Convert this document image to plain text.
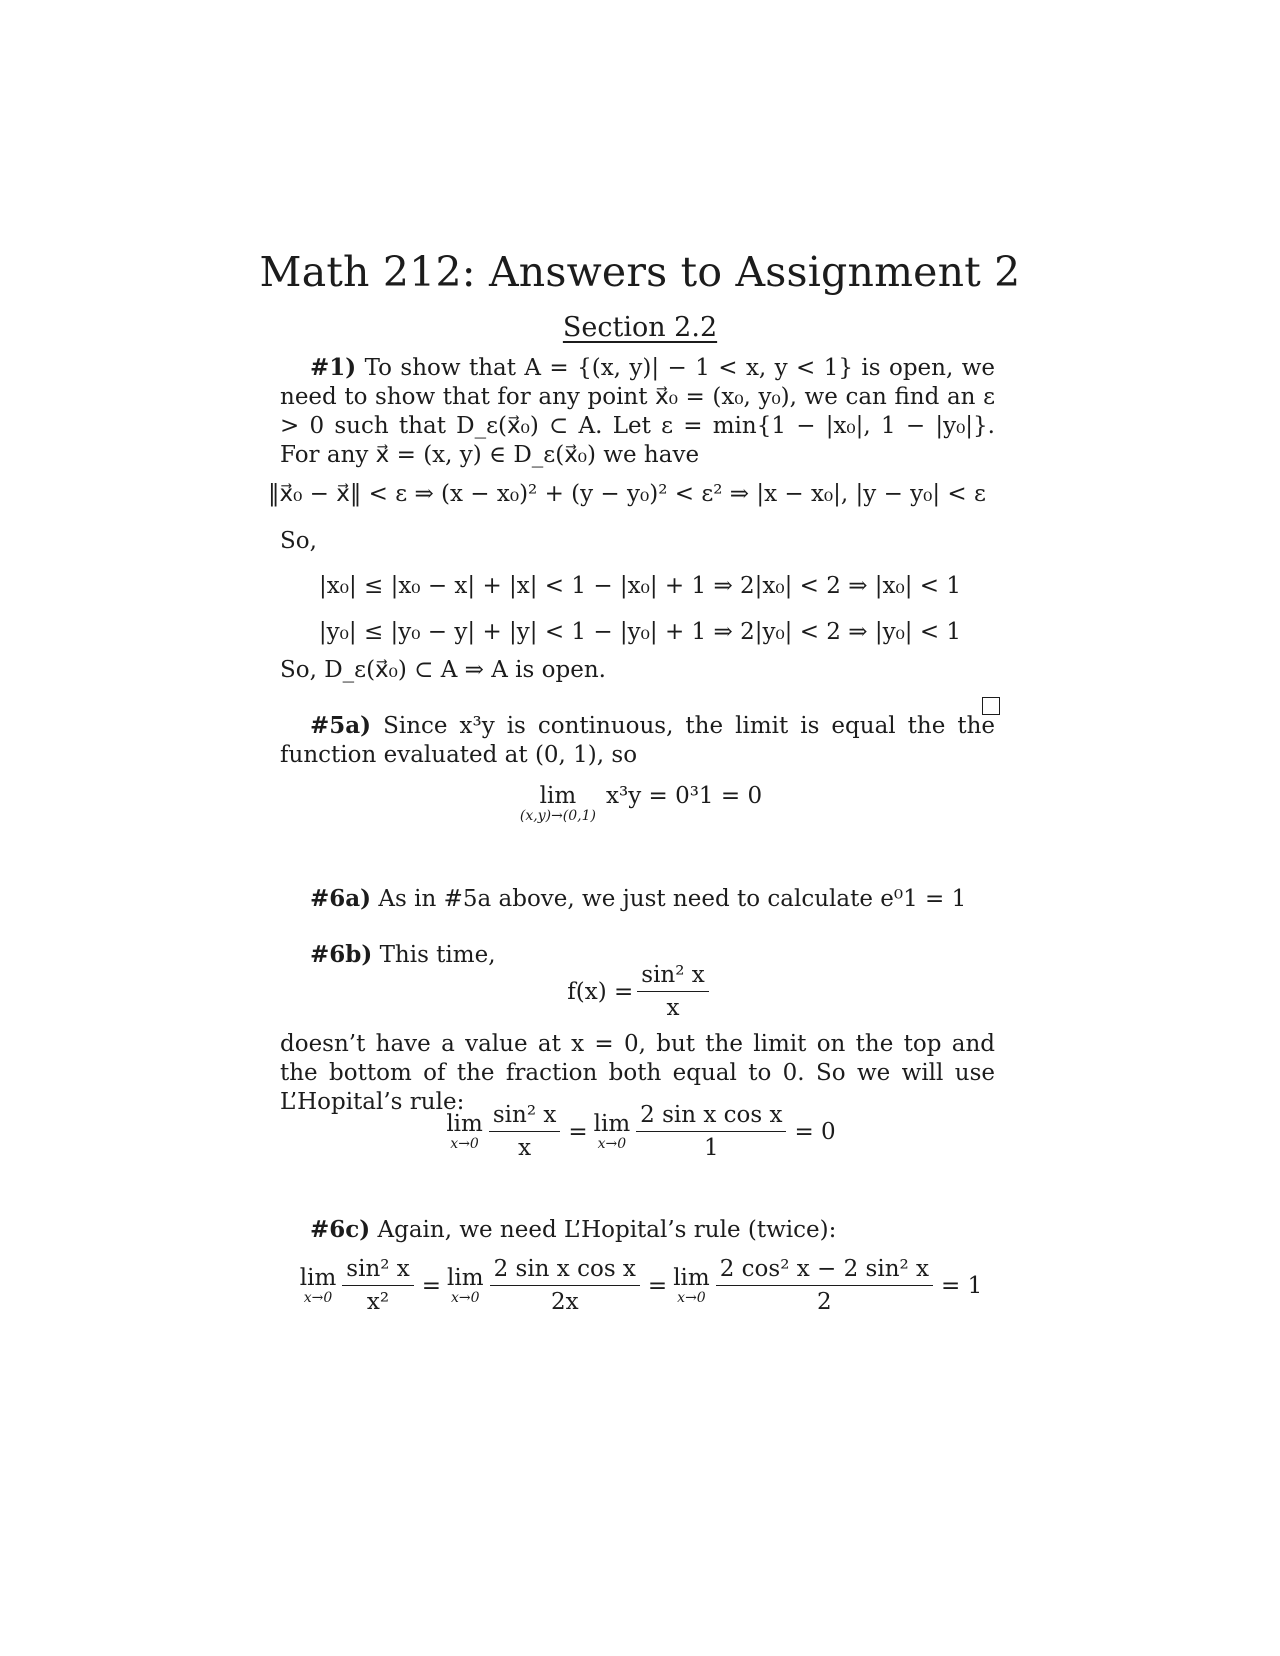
Math 212: Answers to Assignment 2
Section 2.2
#1) To show that A = {(x, y)| − 1 < x, y < 1} is open, we need to show that for any point x⃗₀ = (x₀, y₀), we can find an ε > 0 such that D_ε(x⃗₀) ⊂ A. Let ε = min{1 − |x₀|, 1 − |y₀|}. For any x⃗ = (x, y) ∈ D_ε(x⃗₀) we have
‖x⃗₀ − x⃗‖ < ε ⇒ (x − x₀)² + (y − y₀)² < ε² ⇒ |x − x₀|, |y − y₀| < ε
So,
|x₀| ≤ |x₀ − x| + |x| < 1 − |x₀| + 1 ⇒ 2|x₀| < 2 ⇒ |x₀| < 1
|y₀| ≤ |y₀ − y| + |y| < 1 − |y₀| + 1 ⇒ 2|y₀| < 2 ⇒ |y₀| < 1
So, D_ε(x⃗₀) ⊂ A ⇒ A is open.
#5a) Since x³y is continuous, the limit is equal the the function evaluated at (0, 1), so
lim
(x,y)→(0,1)
x³y = 0³1 = 0
#6a) As in #5a above, we just need to calculate e⁰1 = 1
#6b) This time,
$f(x) = \frac{\text{sin² x}}{x}$
doesn’t have a value at x = 0, but the limit on the top and the bottom of the fraction both equal to 0. So we will use L’Hopital’s rule:
lim
$x\to 0 \frac{\text{sin² x}}{x} = \lim$
$x\to 0 \frac{\text{2 sin x cos x}}{1} = 0$
#6c) Again, we need L’Hopital’s rule (twice):
lim
$x\to 0 \frac{\text{sin² x}}{\text{x²}} = \lim$
$x\to 0 \frac{\text{2 sin x cos x}}{2x} = \lim$
$x\to 0 \frac{\text{2 cos² x − 2 sin² x}}{2} = 1$
